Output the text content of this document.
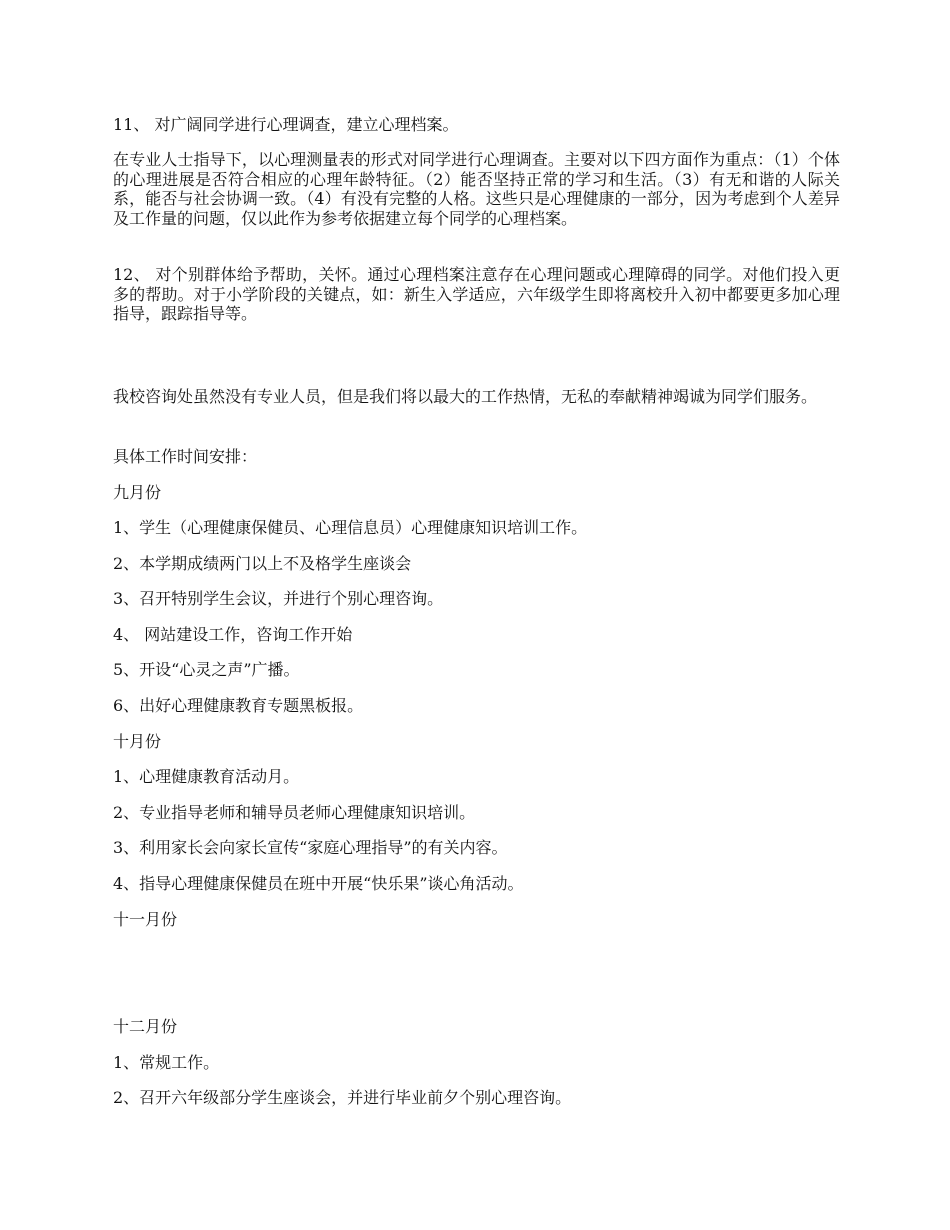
11、 对广阔同学进行心理调查，建立心理档案。
在专业人士指导下，以心理测量表的形式对同学进行心理调查。主要对以下四方面作为重点：（1）个体的心理进展是否符合相应的心理年龄特征。（2）能否坚持正常的学习和生活。（3）有无和谐的人际关系，能否与社会协调一致。（4）有没有完整的人格。这些只是心理健康的一部分，因为考虑到个人差异及工作量的问题，仅以此作为参考依据建立每个同学的心理档案。
12、 对个别群体给予帮助，关怀。通过心理档案注意存在心理问题或心理障碍的同学。对他们投入更多的帮助。对于小学阶段的关键点，如：新生入学适应，六年级学生即将离校升入初中都要更多加心理指导，跟踪指导等。
我校咨询处虽然没有专业人员，但是我们将以最大的工作热情，无私的奉献精神竭诚为同学们服务。
具体工作时间安排：
九月份
1、学生（心理健康保健员、心理信息员）心理健康知识培训工作。
2、本学期成绩两门以上不及格学生座谈会
3、召开特别学生会议，并进行个别心理咨询。
4、 网站建设工作，咨询工作开始
5、开设“心灵之声”广播。
6、出好心理健康教育专题黑板报。
十月份
1、心理健康教育活动月。
2、专业指导老师和辅导员老师心理健康知识培训。
3、利用家长会向家长宣传“家庭心理指导”的有关内容。
4、指导心理健康保健员在班中开展“快乐果”谈心角活动。
十一月份
十二月份
1、常规工作。
2、召开六年级部分学生座谈会，并进行毕业前夕个别心理咨询。
